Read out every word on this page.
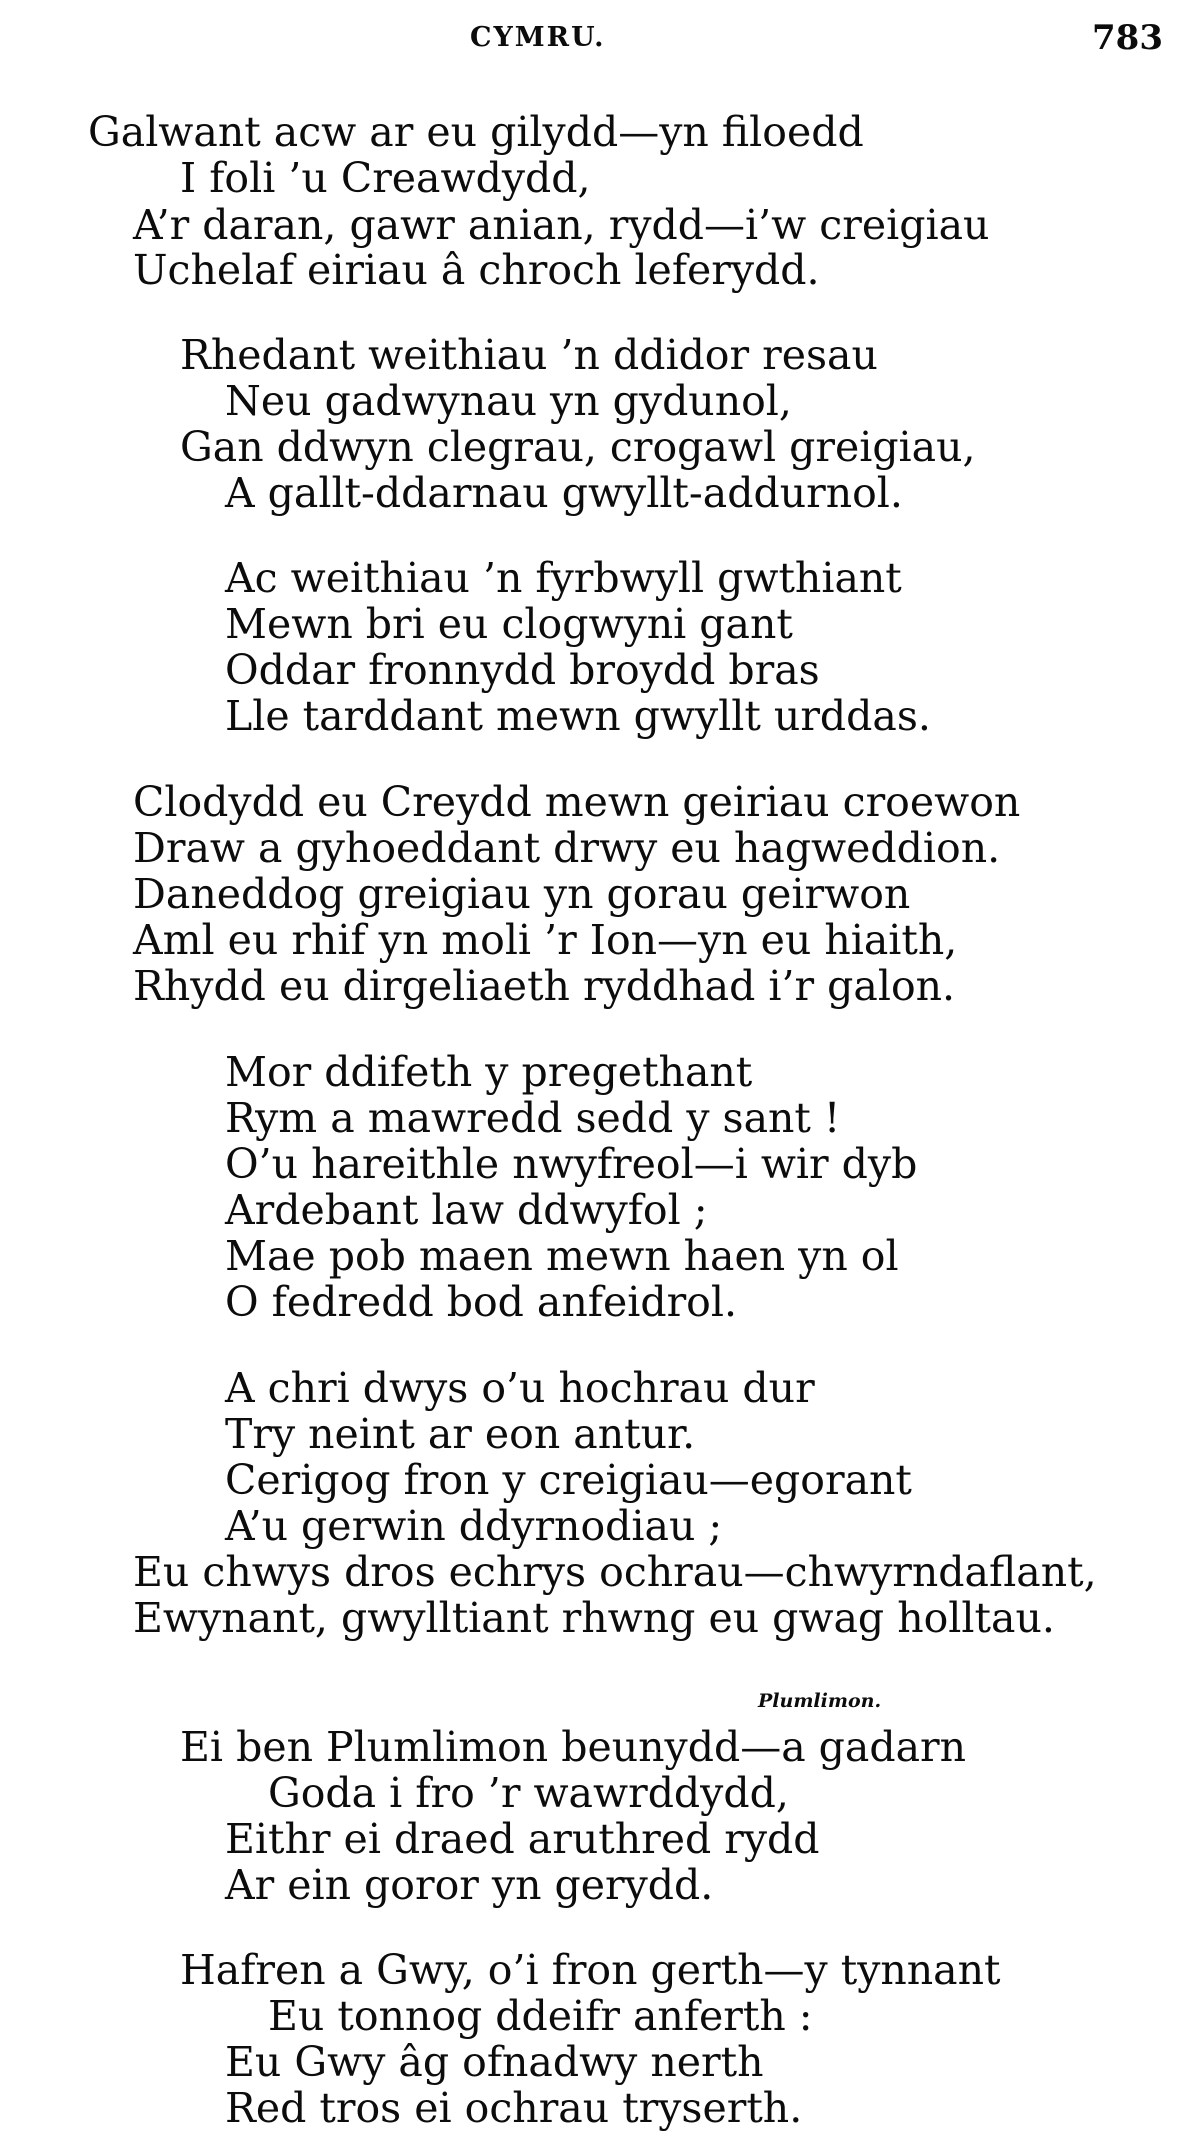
CYMRU.	783
Galwant acw ar eu gilydd—yn filoedd
I foli ’u Creawdydd,
A’r daran, gawr anian, rydd—i’w creigiau
Uchelaf eiriau â chroch leferydd.
Rhedant weithiau ’n ddidor resau
Neu gadwynau yn gydunol,
Gan ddwyn clegrau, crogawl greigiau,
A gallt-ddarnau gwyllt-addurnol.
Ac weithiau ’n fyrbwyll gwthiant
Mewn bri eu clogwyni gant
Oddar fronnydd broydd bras
Lle tarddant mewn gwyllt urddas.
Clodydd eu Creydd mewn geiriau croewon
Draw a gyhoeddant drwy eu hagweddion.
Daneddog greigiau yn gorau geirwon
Aml eu rhif yn moli ’r Ion—yn eu hiaith,
Rhydd eu dirgeliaeth ryddhad i’r galon.
Mor ddifeth y pregethant
Rym a mawredd sedd y sant !
O’u hareithle nwyfreol—i wir dyb
Ardebant law ddwyfol ;
Mae pob maen mewn haen yn ol
O fedredd bod anfeidrol.
A chri dwys o’u hochrau dur
Try neint ar eon antur.
Cerigog fron y creigiau—egorant
A’u gerwin ddyrnodiau ;
Eu chwys dros echrys ochrau—chwyrndaflant,
Ewynant, gwylltiant rhwng eu gwag holltau.
Plumlimon.
Ei ben Plumlimon beunydd—a gadarn
Goda i fro ’r wawrddydd,
Eithr ei draed aruthred rydd
Ar ein goror yn gerydd.
Hafren a Gwy, o’i fron gerth—y tynnant
Eu tonnog ddeifr anferth :
Eu Gwy âg ofnadwy nerth
Red tros ei ochrau tryserth.
